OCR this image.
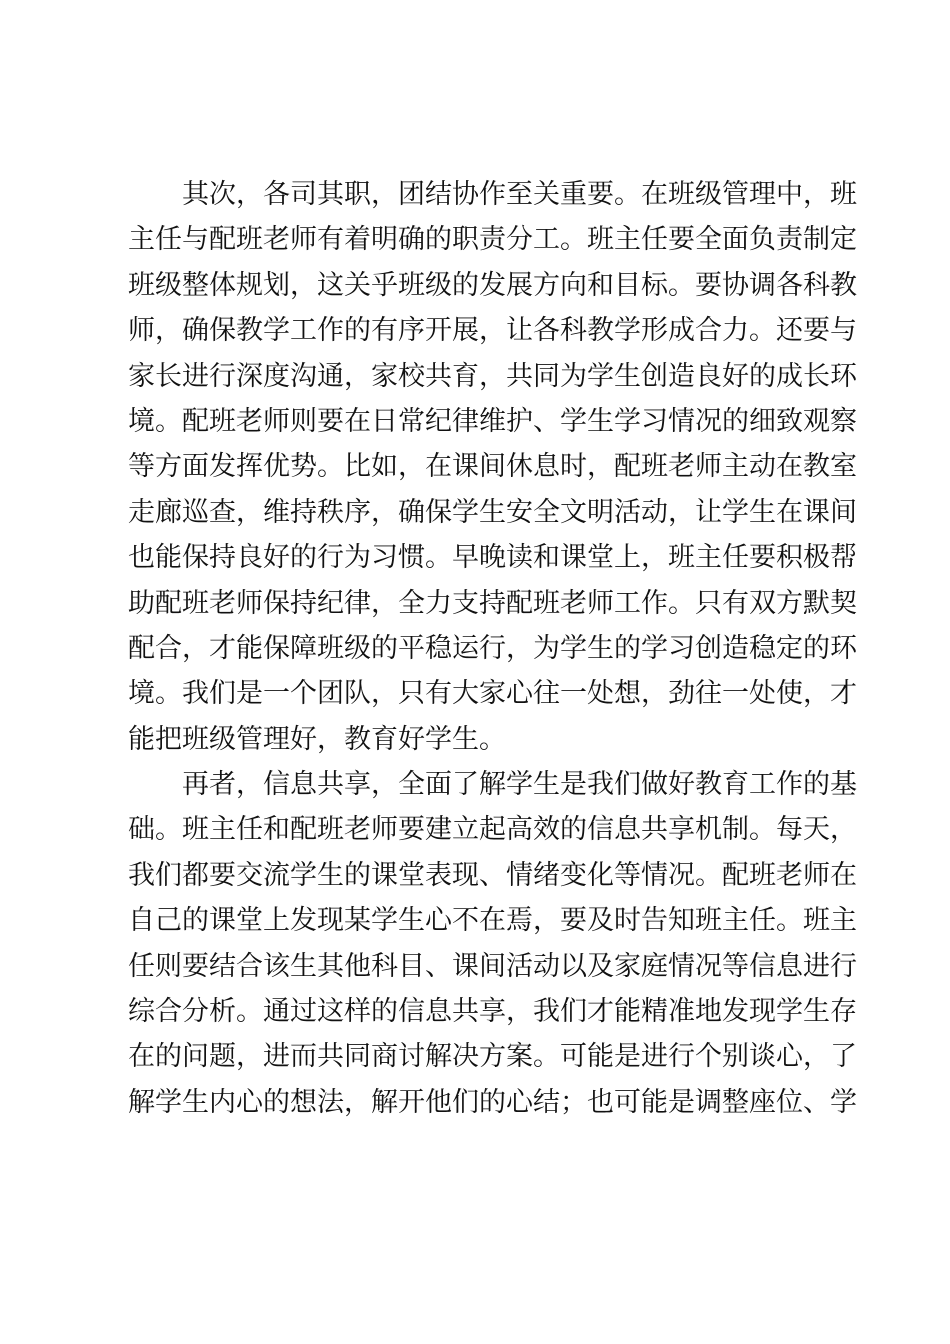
其次，各司其职，团结协作至关重要。在班级管理中，班
主任与配班老师有着明确的职责分工。班主任要全面负责制定
班级整体规划，这关乎班级的发展方向和目标。要协调各科教
师，确保教学工作的有序开展，让各科教学形成合力。还要与
家长进行深度沟通，家校共育，共同为学生创造良好的成长环
境。配班老师则要在日常纪律维护、学生学习情况的细致观察
等方面发挥优势。比如，在课间休息时，配班老师主动在教室
走廊巡查，维持秩序，确保学生安全文明活动，让学生在课间
也能保持良好的行为习惯。早晚读和课堂上，班主任要积极帮
助配班老师保持纪律，全力支持配班老师工作。只有双方默契
配合，才能保障班级的平稳运行，为学生的学习创造稳定的环
境。我们是一个团队，只有大家心往一处想，劲往一处使，才
能把班级管理好，教育好学生。
再者，信息共享，全面了解学生是我们做好教育工作的基
础。班主任和配班老师要建立起高效的信息共享机制。每天，
我们都要交流学生的课堂表现、情绪变化等情况。配班老师在
自己的课堂上发现某学生心不在焉，要及时告知班主任。班主
任则要结合该生其他科目、课间活动以及家庭情况等信息进行
综合分析。通过这样的信息共享，我们才能精准地发现学生存
在的问题，进而共同商讨解决方案。可能是进行个别谈心，了
解学生内心的想法，解开他们的心结；也可能是调整座位、学
